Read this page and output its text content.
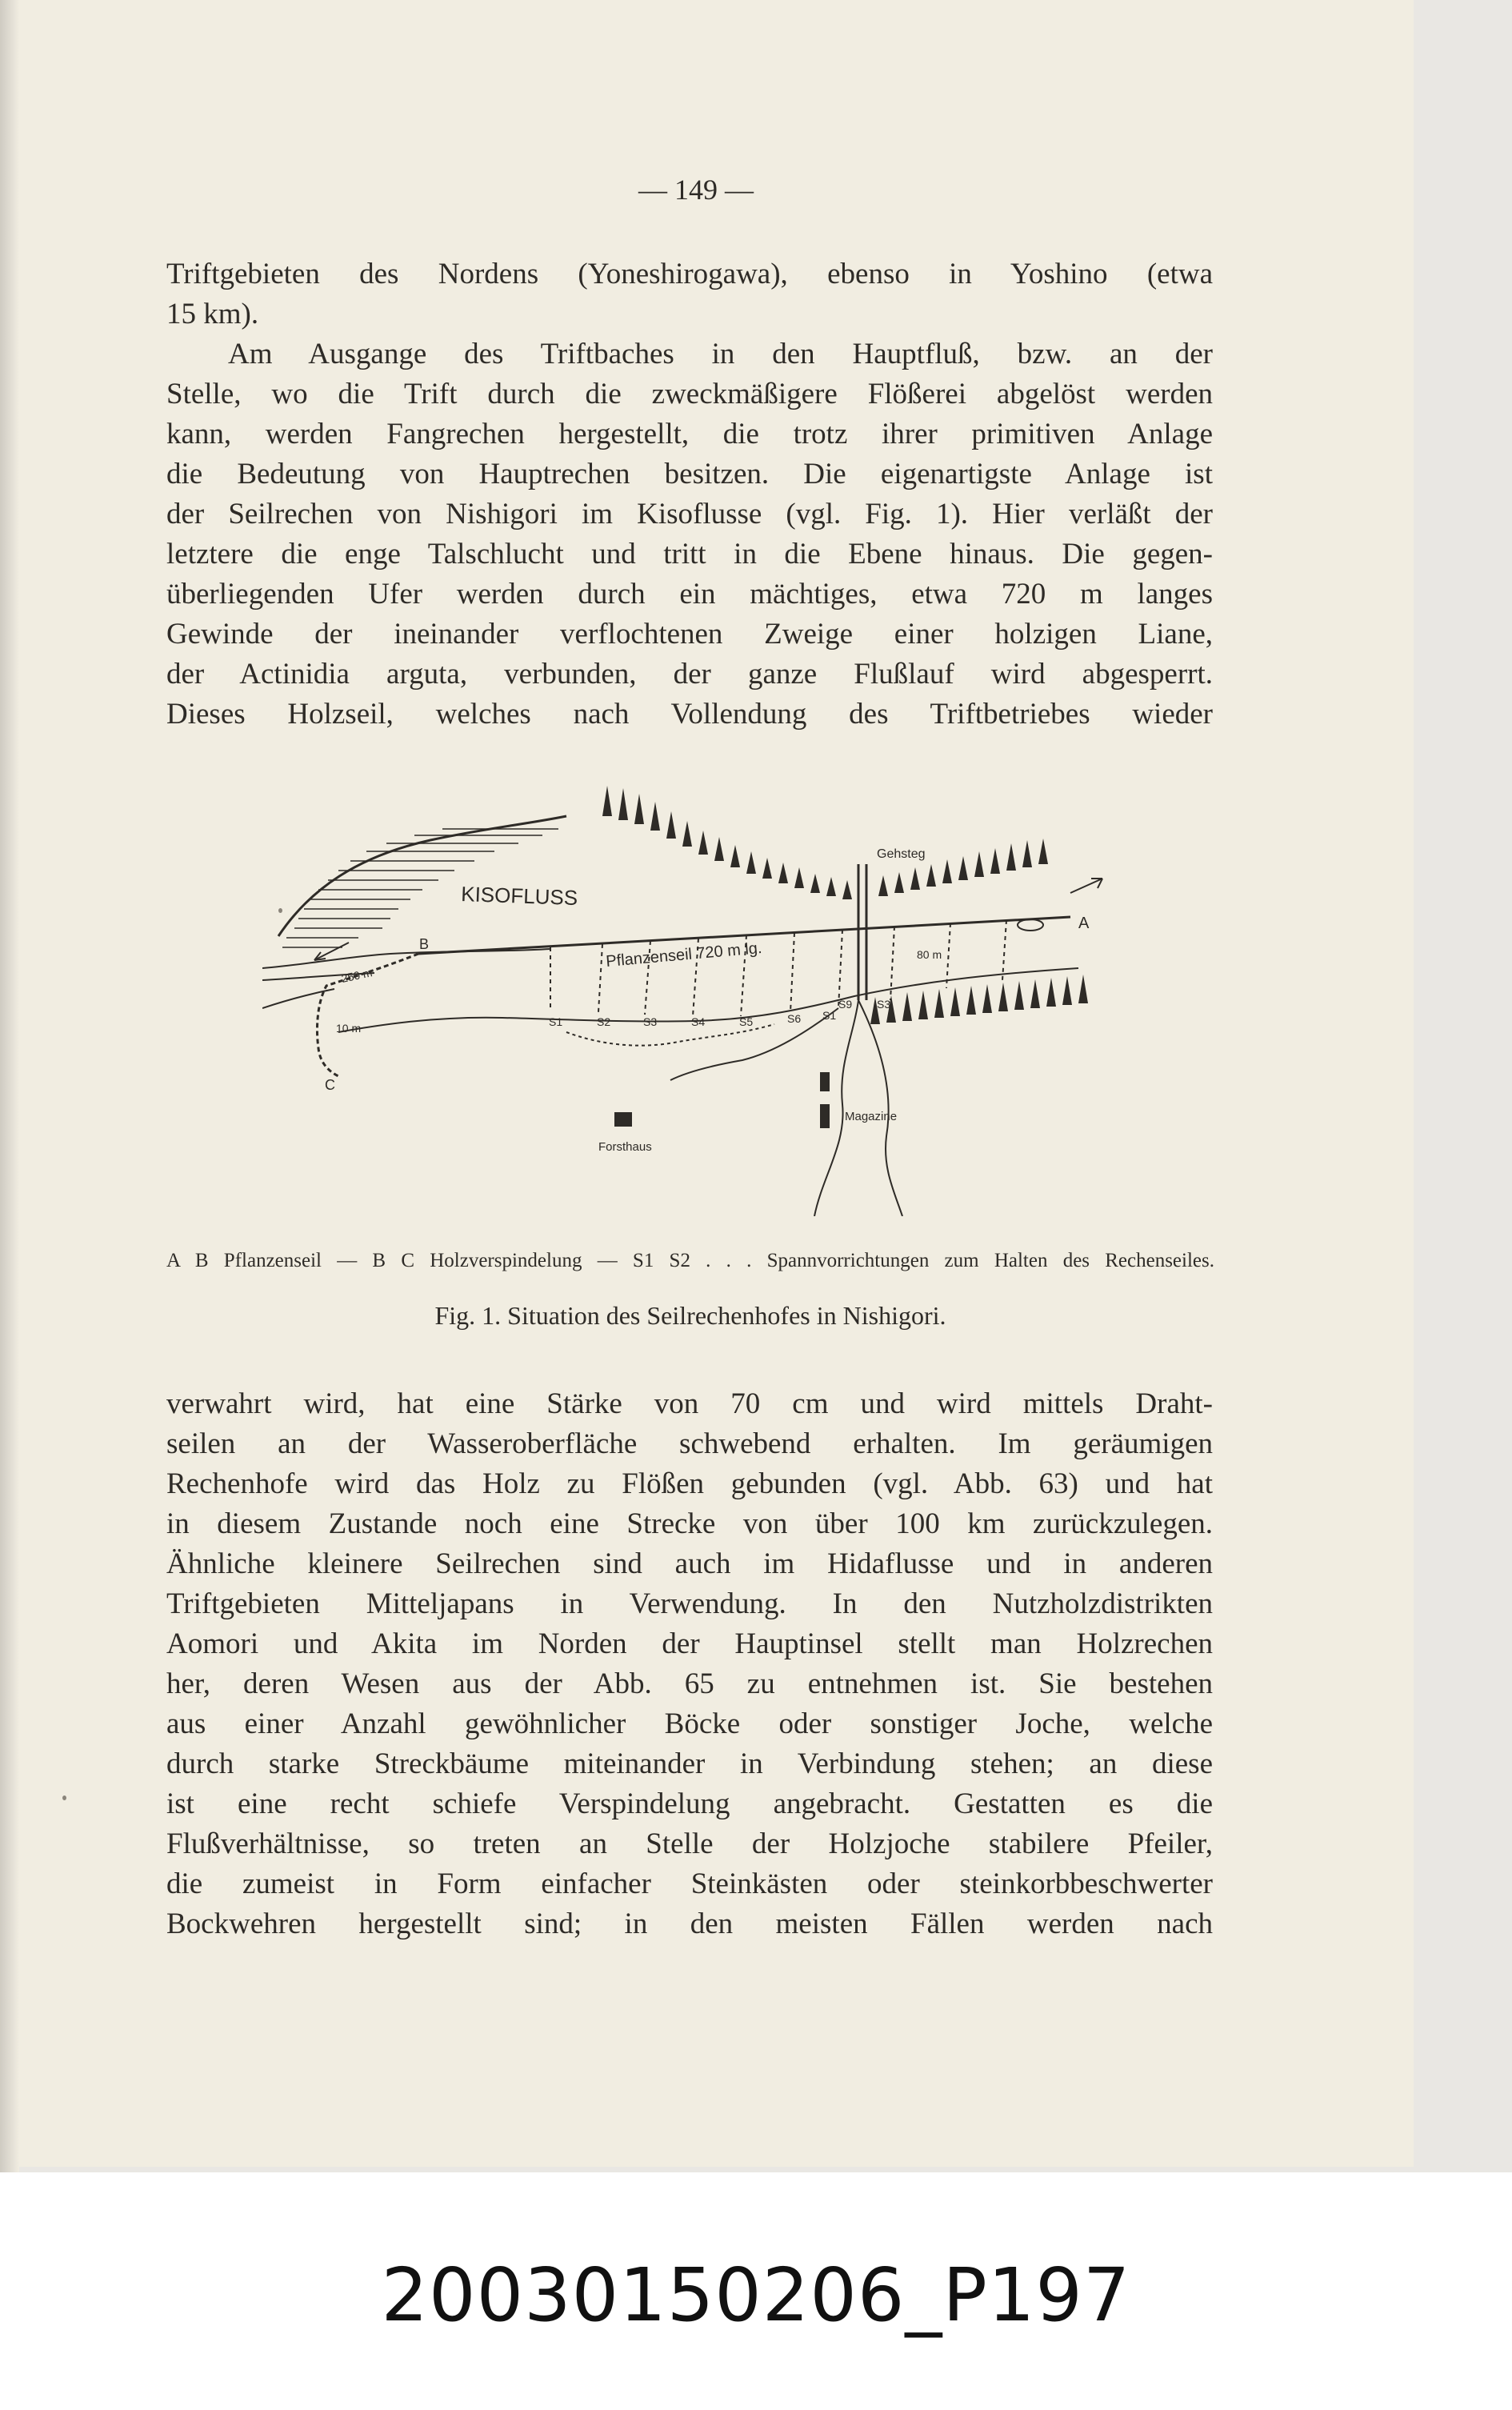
— 149 —
Triftgebieten des Nordens (Yoneshirogawa), ebenso in Yoshino (etwa
15 km).
Am Ausgange des Triftbaches in den Hauptfluß, bzw. an der
Stelle, wo die Trift durch die zweckmäßigere Flößerei abgelöst werden
kann, werden Fangrechen hergestellt, die trotz ihrer primitiven Anlage
die Bedeutung von Hauptrechen besitzen. Die eigenartigste Anlage ist
der Seilrechen von Nishigori im Kisoflusse (vgl. Fig. 1). Hier verläßt der
letztere die enge Talschlucht und tritt in die Ebene hinaus. Die gegen-
überliegenden Ufer werden durch ein mächtiges, etwa 720 m langes
Gewinde der ineinander verflochtenen Zweige einer holzigen Liane,
der Actinidia arguta, verbunden, der ganze Flußlauf wird abgesperrt.
Dieses Holzseil, welches nach Vollendung des Triftbetriebes wieder
KISOFLUSS
Pflanzenseil 720 m lg.
Gehsteg
Magazine
Forsthaus
A
B
C
250 m
10 m
80 m
S1	S2	S3	S4	S5	S6 S1
S9 S3
A B Pflanzenseil — B C Holzverspindelung — S1 S2 . . . Spannvorrichtungen zum Halten des Rechenseiles.
Fig. 1. Situation des Seilrechenhofes in Nishigori.
verwahrt wird, hat eine Stärke von 70 cm und wird mittels Draht-
seilen an der Wasseroberfläche schwebend erhalten. Im geräumigen
Rechenhofe wird das Holz zu Flößen gebunden (vgl. Abb. 63) und hat
in diesem Zustande noch eine Strecke von über 100 km zurückzulegen.
Ähnliche kleinere Seilrechen sind auch im Hidaflusse und in anderen
Triftgebieten Mitteljapans in Verwendung. In den Nutzholzdistrikten
Aomori und Akita im Norden der Hauptinsel stellt man Holzrechen
her, deren Wesen aus der Abb. 65 zu entnehmen ist. Sie bestehen
aus einer Anzahl gewöhnlicher Böcke oder sonstiger Joche, welche
durch starke Streckbäume miteinander in Verbindung stehen; an diese
ist eine recht schiefe Verspindelung angebracht. Gestatten es die
Flußverhältnisse, so treten an Stelle der Holzjoche stabilere Pfeiler,
die zumeist in Form einfacher Steinkästen oder steinkorbbeschwerter
Bockwehren hergestellt sind; in den meisten Fällen werden nach
20030150206_P197
